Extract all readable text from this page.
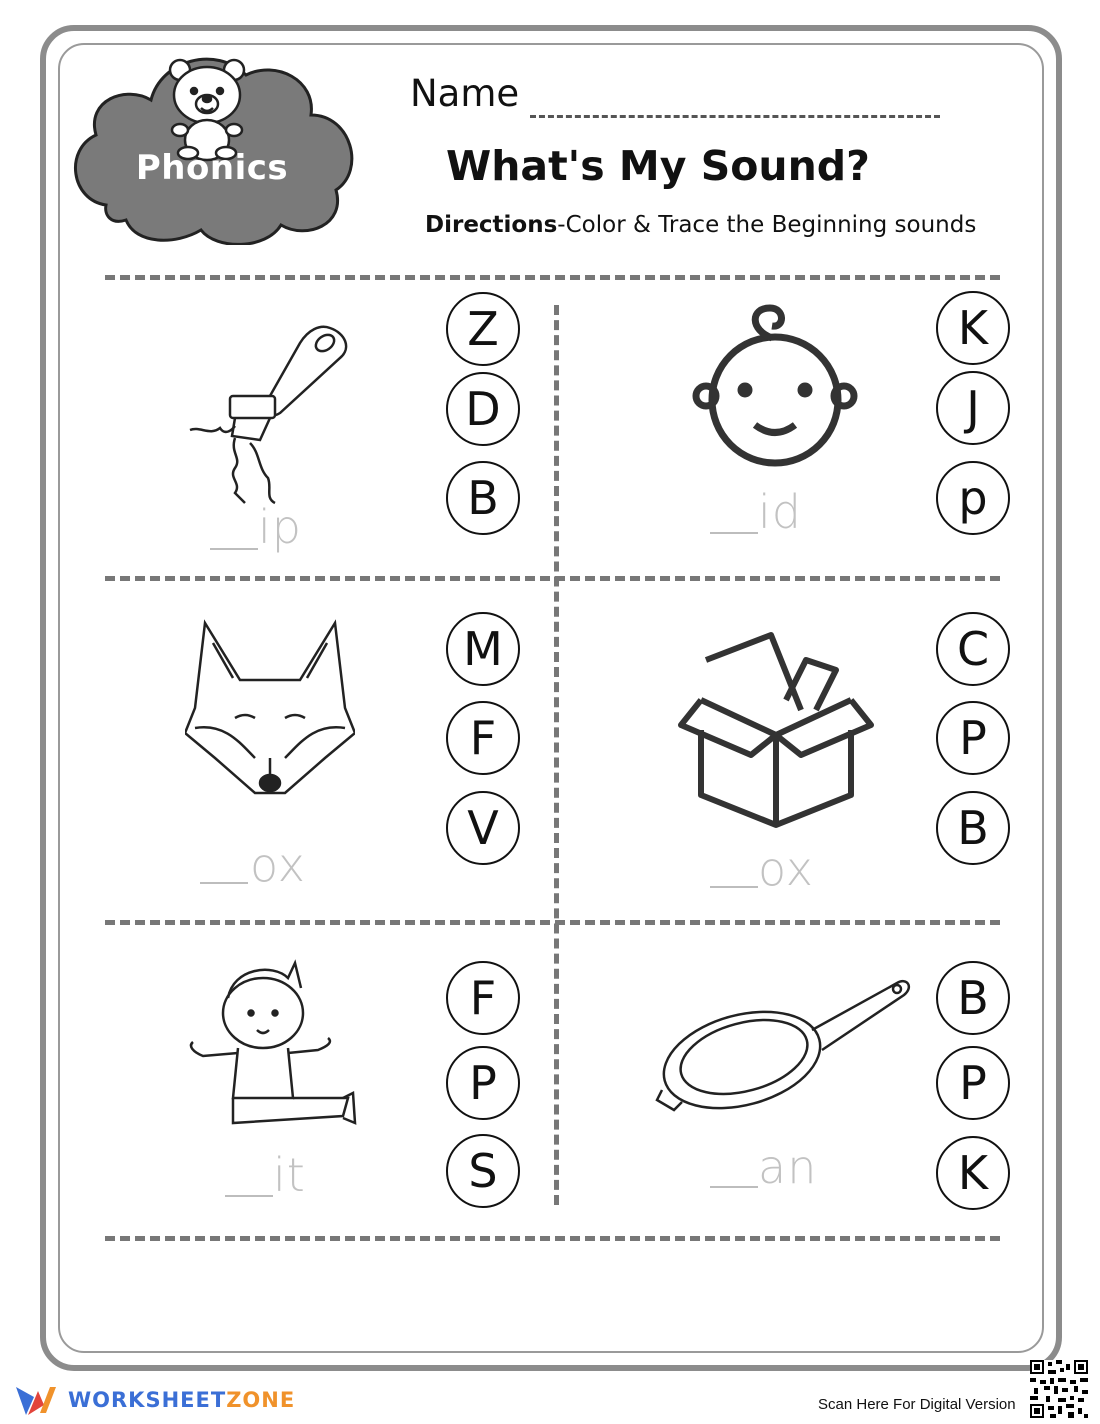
Phonics
Name
What's My Sound?
Directions-Color & Trace the Beginning sounds
ip
Z
D
B	id
K
J
p
ox
M
F
V
ox
C
P
B
it
F
P
S	an
B
P
K
WORKSHEETZONE	Scan Here For Digital Version
